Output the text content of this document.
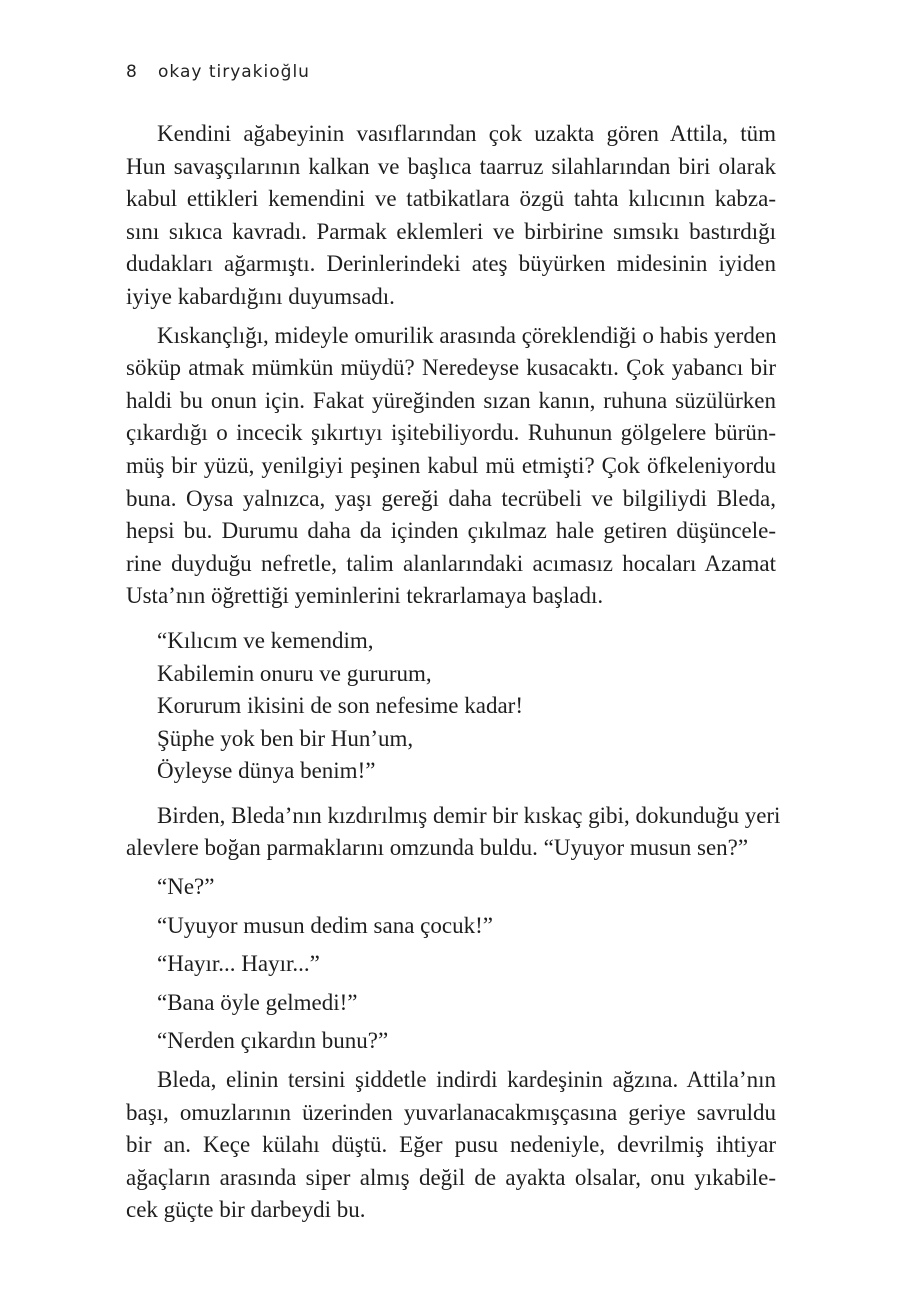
8 okay tiryakioğlu
Kendini ağabeyinin vasıflarından çok uzakta gören Attila, tüm
Hun savaşçılarının kalkan ve başlıca taarruz silahlarından biri olarak
kabul ettikleri kemendini ve tatbikatlara özgü tahta kılıcının kabza-
sını sıkıca kavradı. Parmak eklemleri ve birbirine sımsıkı bastırdığı
dudakları ağarmıştı. Derinlerindeki ateş büyürken midesinin iyiden
iyiye kabardığını duyumsadı.
Kıskançlığı, mideyle omurilik arasında çöreklendiği o habis yerden
söküp atmak mümkün müydü? Neredeyse kusacaktı. Çok yabancı bir
haldi bu onun için. Fakat yüreğinden sızan kanın, ruhuna süzülürken
çıkardığı o incecik şıkırtıyı işitebiliyordu. Ruhunun gölgelere bürün-
müş bir yüzü, yenilgiyi peşinen kabul mü etmişti? Çok öfkeleniyordu
buna. Oysa yalnızca, yaşı gereği daha tecrübeli ve bilgiliydi Bleda,
hepsi bu. Durumu daha da içinden çıkılmaz hale getiren düşüncele-
rine duyduğu nefretle, talim alanlarındaki acımasız hocaları Azamat
Usta’nın öğrettiği yeminlerini tekrarlamaya başladı.
“Kılıcım ve kemendim,
Kabilemin onuru ve gururum,
Korurum ikisini de son nefesime kadar!
Şüphe yok ben bir Hun’um,
Öyleyse dünya benim!”
Birden, Bleda’nın kızdırılmış demir bir kıskaç gibi, dokunduğu yeri
alevlere boğan parmaklarını omzunda buldu. “Uyuyor musun sen?”
“Ne?”
“Uyuyor musun dedim sana çocuk!”
“Hayır... Hayır...”
“Bana öyle gelmedi!”
“Nerden çıkardın bunu?”
Bleda, elinin tersini şiddetle indirdi kardeşinin ağzına. Attila’nın
başı, omuzlarının üzerinden yuvarlanacakmışçasına geriye savruldu
bir an. Keçe külahı düştü. Eğer pusu nedeniyle, devrilmiş ihtiyar
ağaçların arasında siper almış değil de ayakta olsalar, onu yıkabile-
cek güçte bir darbeydi bu.
